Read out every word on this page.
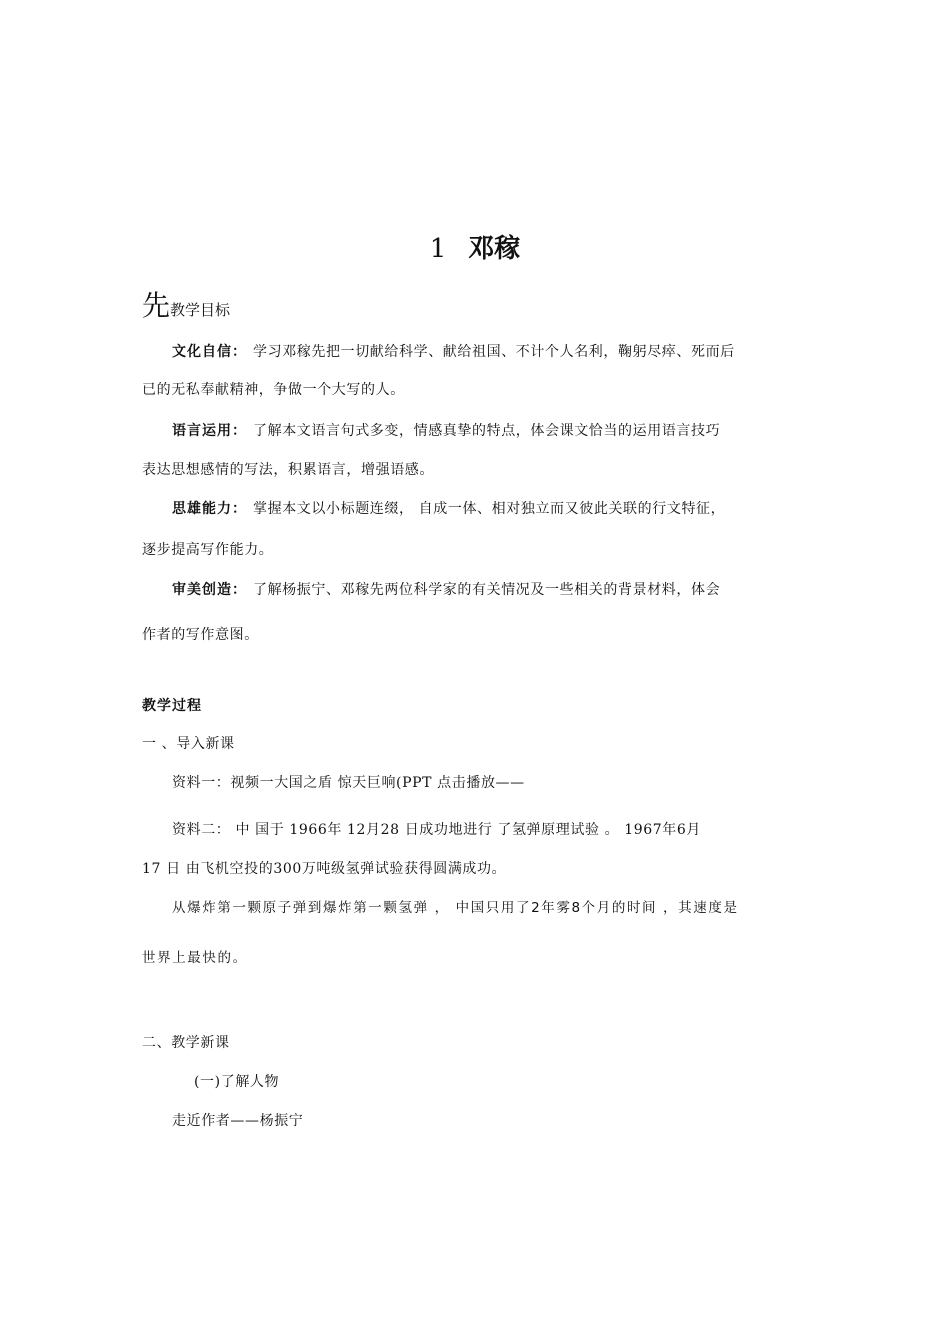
1 邓稼
先教学目标
文化自信： 学习邓稼先把一切献给科学、献给祖国、不计个人名利，鞠躬尽瘁、死而后
已的无私奉献精神，争做一个大写的人。
语言运用： 了解本文语言句式多变，情感真挚的特点，体会课文恰当的运用语言技巧
表达思想感情的写法，积累语言，增强语感。
思雄能力： 掌握本文以小标题连缀， 自成一体、相对独立而又彼此关联的行文特征，
逐步提高写作能力。
审美创造： 了解杨振宁、邓稼先两位科学家的有关情况及一些相关的背景材料，体会
作者的写作意图。
教学过程
一 、导入新课
资料一：视频一大国之盾 惊天巨响(PPT 点击播放——
资料二： 中 国于 1966年 12月28 日成功地进行 了氢弹原理试验 。 1967年6月
17 日 由飞机空投的300万吨级氢弹试验获得圆满成功。
从爆炸第一颗原子弹到爆炸第一颗氢弹 ， 中国只用了2年雾8个月的时间 ，其速度是
世界上最快的。
二、教学新课
(一)了解人物
走近作者——杨振宁
